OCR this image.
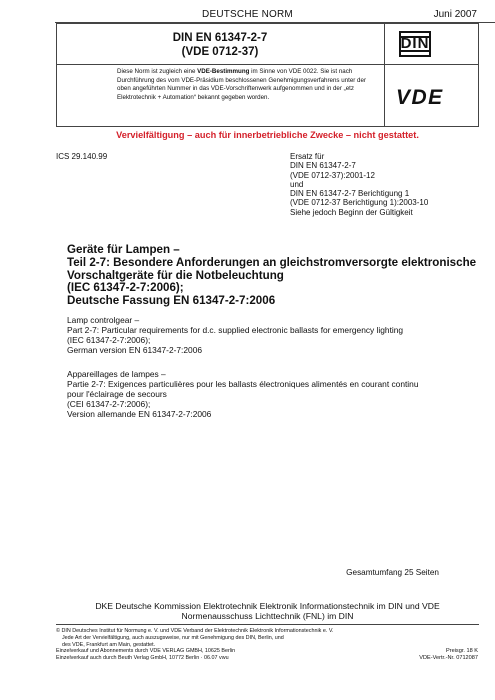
DEUTSCHE NORM	Juni 2007
DIN EN 61347-2-7
(VDE 0712-37)
Diese Norm ist zugleich eine VDE-Bestimmung im Sinne von VDE 0022. Sie ist nach Durchführung des vom VDE-Präsidium beschlossenen Genehmigungsverfahrens unter der oben angeführten Nummer in das VDE-Vorschriftenwerk aufgenommen und in der „etz Elektrotechnik + Automation“ bekannt gegeben worden.
DIN
VDE
Vervielfältigung – auch für innerbetriebliche Zwecke – nicht gestattet.
ICS 29.140.99	Ersatz für
DIN EN 61347-2-7
(VDE 0712-37):2001-12
und
DIN EN 61347-2-7 Berichtigung 1
(VDE 0712-37 Berichtigung 1):2003-10
Siehe jedoch Beginn der Gültigkeit
Geräte für Lampen –
Teil 2-7: Besondere Anforderungen an gleichstromversorgte elektronische
Vorschaltgeräte für die Notbeleuchtung
(IEC 61347-2-7:2006);
Deutsche Fassung EN 61347-2-7:2006
Lamp controlgear –
Part 2-7: Particular requirements for d.c. supplied electronic ballasts for emergency lighting
(IEC 61347-2-7:2006);
German version EN 61347-2-7:2006
Appareillages de lampes –
Partie 2-7: Exigences particulières pour les ballasts électroniques alimentés en courant continu
pour l'éclairage de secours
(CEI 61347-2-7:2006);
Version allemande EN 61347-2-7:2006
Gesamtumfang 25 Seiten
DKE Deutsche Kommission Elektrotechnik Elektronik Informationstechnik im DIN und VDE
Normenausschuss Lichttechnik (FNL) im DIN
© DIN Deutsches Institut für Normung e. V. und VDE Verband der Elektrotechnik Elektronik Informationstechnik e. V.
Jede Art der Vervielfältigung, auch auszugsweise, nur mit Genehmigung des DIN, Berlin, und
des VDE, Frankfurt am Main, gestattet.
Einzelverkauf und Abonnements durch VDE VERLAG GMBH, 10625 Berlin
Einzelverkauf auch durch Beuth Verlag GmbH, 10772 Berlin · 06.07 vwu
Preisgr. 18 K
VDE-Vertr.-Nr. 0712087
